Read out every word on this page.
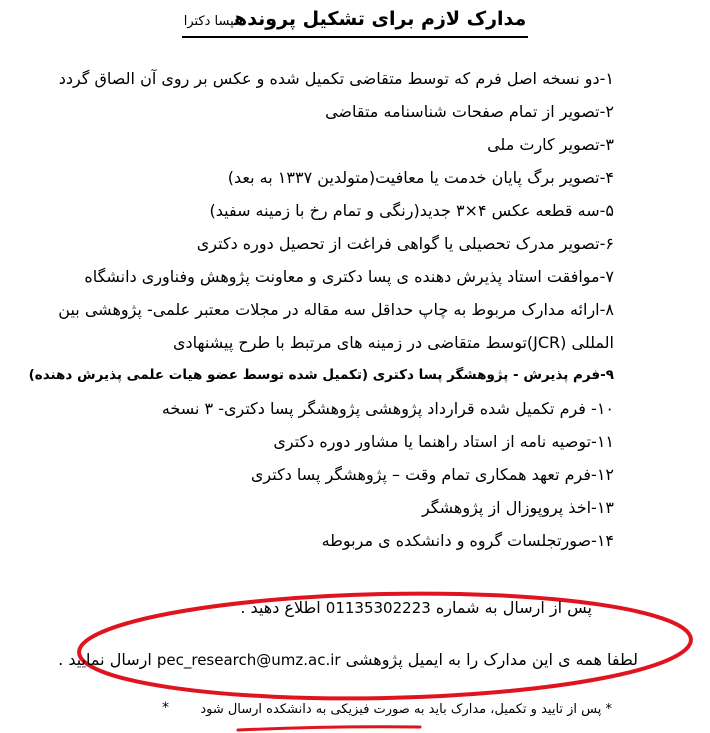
مدارک لازم برای تشکیل پروندهپسا دکترا
۱-دو نسخه اصل فرم که توسط متقاضی تکمیل شده و عکس بر روی آن الصاق گردد
۲-تصویر از تمام صفحات شناسنامه متقاضی
۳-تصویر کارت ملی
۴-تصویر برگ پایان خدمت یا معافیت(متولدین ۱۳۳۷ به بعد)
۵-سه قطعه عکس ۴×۳ جدید(رنگی و تمام رخ با زمینه سفید)
۶-تصویر مدرک تحصیلی یا گواهی فراغت از تحصیل دوره دکتری
۷-موافقت استاد پذیرش دهنده ی پسا دکتری و معاونت پژوهش وفناوری دانشگاه
۸-ارائه مدارک مربوط به چاپ حداقل سه مقاله در مجلات معتبر علمی- پژوهشی بین المللی (JCR)توسط متقاضی در زمینه های مرتبط با طرح پیشنهادی
۹-فرم پذیرش - پژوهشگر پسا دکتری (تکمیل شده توسط عضو هیات علمی پذیرش دهنده)
۱۰- فرم تکمیل شده قرارداد پژوهشی پژوهشگر پسا دکتری- ۳ نسخه
۱۱-توصیه نامه از استاد راهنما یا مشاور دوره دکتری
۱۲-فرم تعهد همکاری تمام وقت – پژوهشگر پسا دکتری
۱۳-اخذ پروپوزال از پژوهشگر
۱۴-صورتجلسات گروه و دانشکده ی مربوطه
پس از ارسال به شماره 01135302223 اطلاع دهید .
لطفا همه ی این مدارک را به ایمیل پژوهشی pec_research@umz.ac.ir ارسال نمایید .
* پس از تایید و تکمیل، مدارک باید به صورت فیزیکی به دانشکده ارسال شود
*
